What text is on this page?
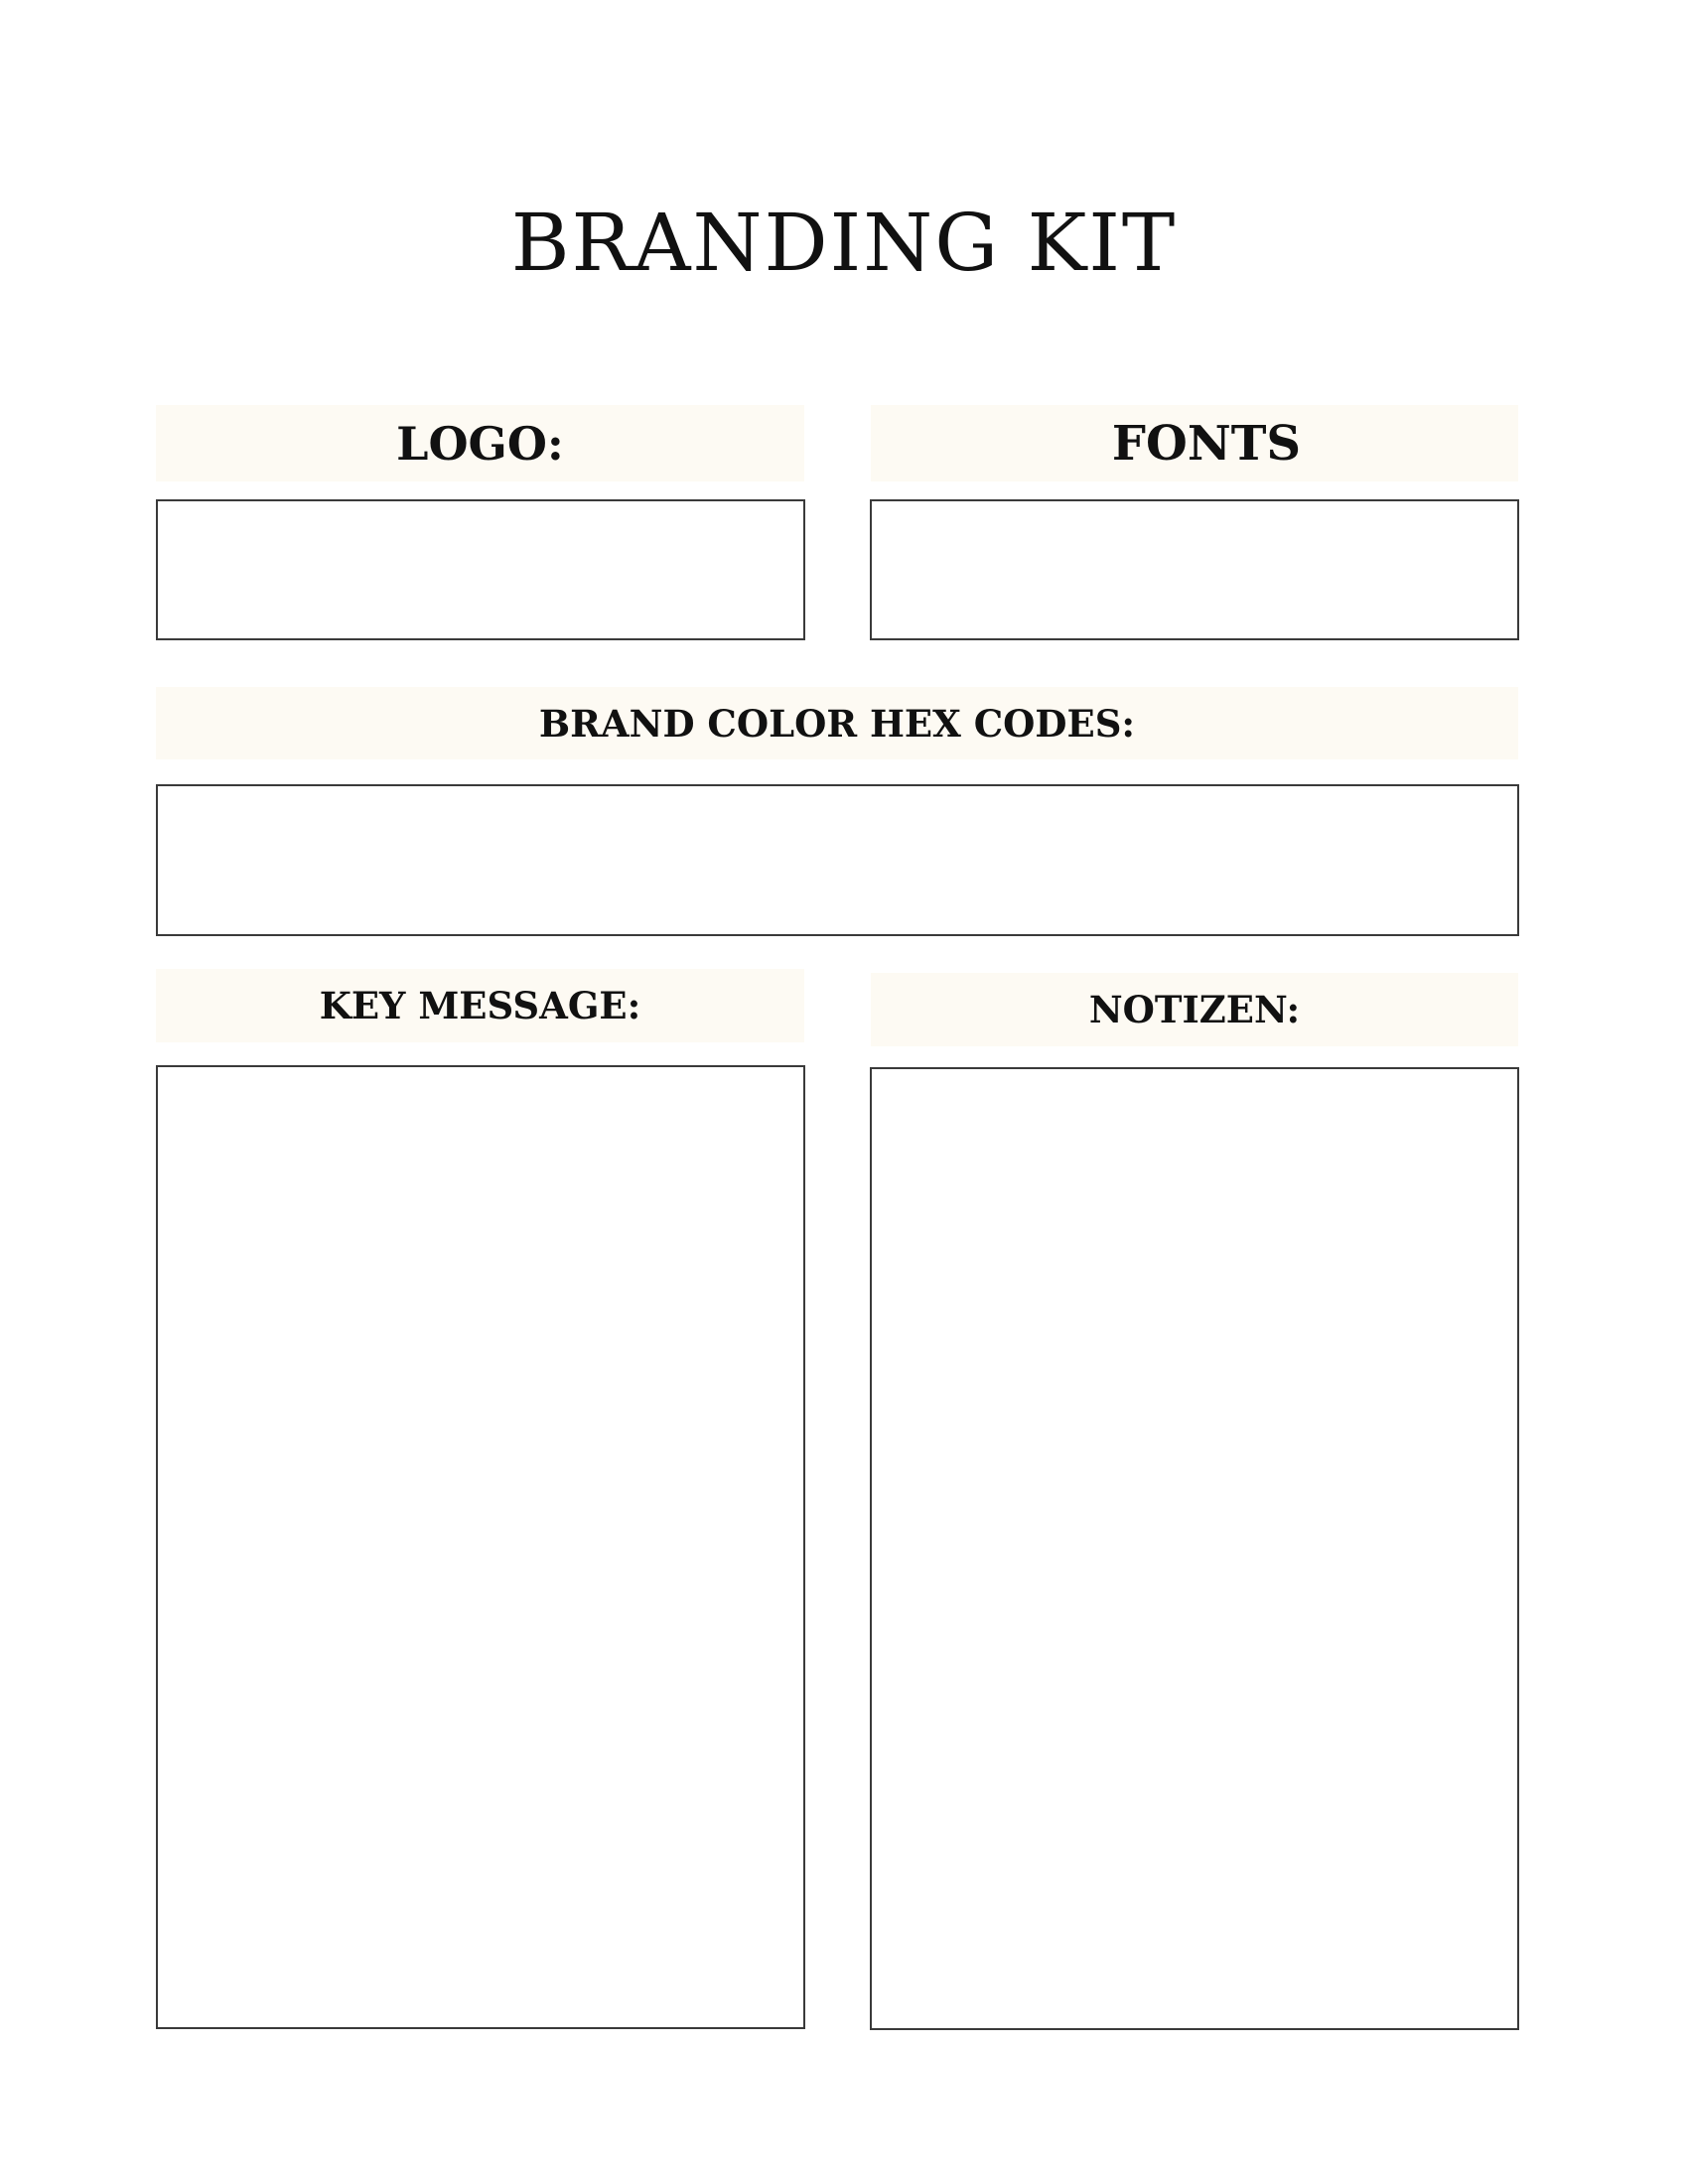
BRANDING KIT
LOGO:	FONTS
BRAND COLOR HEX CODES:
KEY MESSAGE:	NOTIZEN:
